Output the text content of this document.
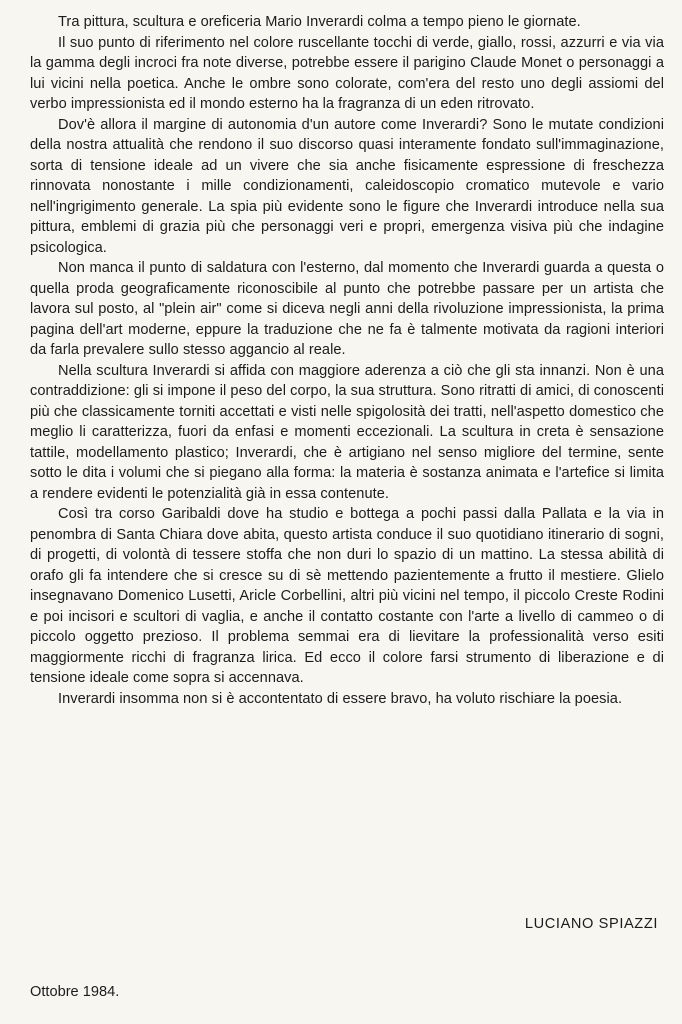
Tra pittura, scultura e oreficeria Mario Inverardi colma a tempo pieno le giornate.

Il suo punto di riferimento nel colore ruscellante tocchi di verde, giallo, rossi, azzurri e via via la gamma degli incroci fra note diverse, potrebbe essere il parigino Claude Monet o personaggi a lui vicini nella poetica. Anche le ombre sono colorate, com'era del resto uno degli assiomi del verbo impressionista ed il mondo esterno ha la fragranza di un eden ritrovato.

Dov'è allora il margine di autonomia d'un autore come Inverardi? Sono le mutate condizioni della nostra attualità che rendono il suo discorso quasi interamente fondato sull'immaginazione, sorta di tensione ideale ad un vivere che sia anche fisicamente espressione di freschezza rinnovata nonostante i mille condizionamenti, caleidoscopio cromatico mutevole e vario nell'ingrigimento generale. La spia più evidente sono le figure che Inverardi introduce nella sua pittura, emblemi di grazia più che personaggi veri e propri, emergenza visiva più che indagine psicologica.

Non manca il punto di saldatura con l'esterno, dal momento che Inverardi guarda a questa o quella proda geograficamente riconoscibile al punto che potrebbe passare per un artista che lavora sul posto, al "plein air" come si diceva negli anni della rivoluzione impressionista, la prima pagina dell'art moderne, eppure la traduzione che ne fa è talmente motivata da ragioni interiori da farla prevalere sullo stesso aggancio al reale.

Nella scultura Inverardi si affida con maggiore aderenza a ciò che gli sta innanzi. Non è una contraddizione: gli si impone il peso del corpo, la sua struttura. Sono ritratti di amici, di conoscenti più che classicamente torniti accettati e visti nelle spigolosità dei tratti, nell'aspetto domestico che meglio li caratterizza, fuori da enfasi e momenti eccezionali. La scultura in creta è sensazione tattile, modellamento plastico; Inverardi, che è artigiano nel senso migliore del termine, sente sotto le dita i volumi che si piegano alla forma: la materia è sostanza animata e l'artefice si limita a rendere evidenti le potenzialità già in essa contenute.

Così tra corso Garibaldi dove ha studio e bottega a pochi passi dalla Pallata e la via in penombra di Santa Chiara dove abita, questo artista conduce il suo quotidiano itinerario di sogni, di progetti, di volontà di tessere stoffa che non duri lo spazio di un mattino. La stessa abilità di orafo gli fa intendere che si cresce su di sè mettendo pazientemente a frutto il mestiere. Glielo insegnavano Domenico Lusetti, Aricle Corbellini, altri più vicini nel tempo, il piccolo Creste Rodini e poi incisori e scultori di vaglia, e anche il contatto costante con l'arte a livello di cammeo o di piccolo oggetto prezioso. Il problema semmai era di lievitare la professionalità verso esiti maggiormente ricchi di fragranza lirica. Ed ecco il colore farsi strumento di liberazione e di tensione ideale come sopra si accennava.

Inverardi insomma non si è accontentato di essere bravo, ha voluto rischiare la poesia.

LUCIANO SPIAZZI
Ottobre 1984.
